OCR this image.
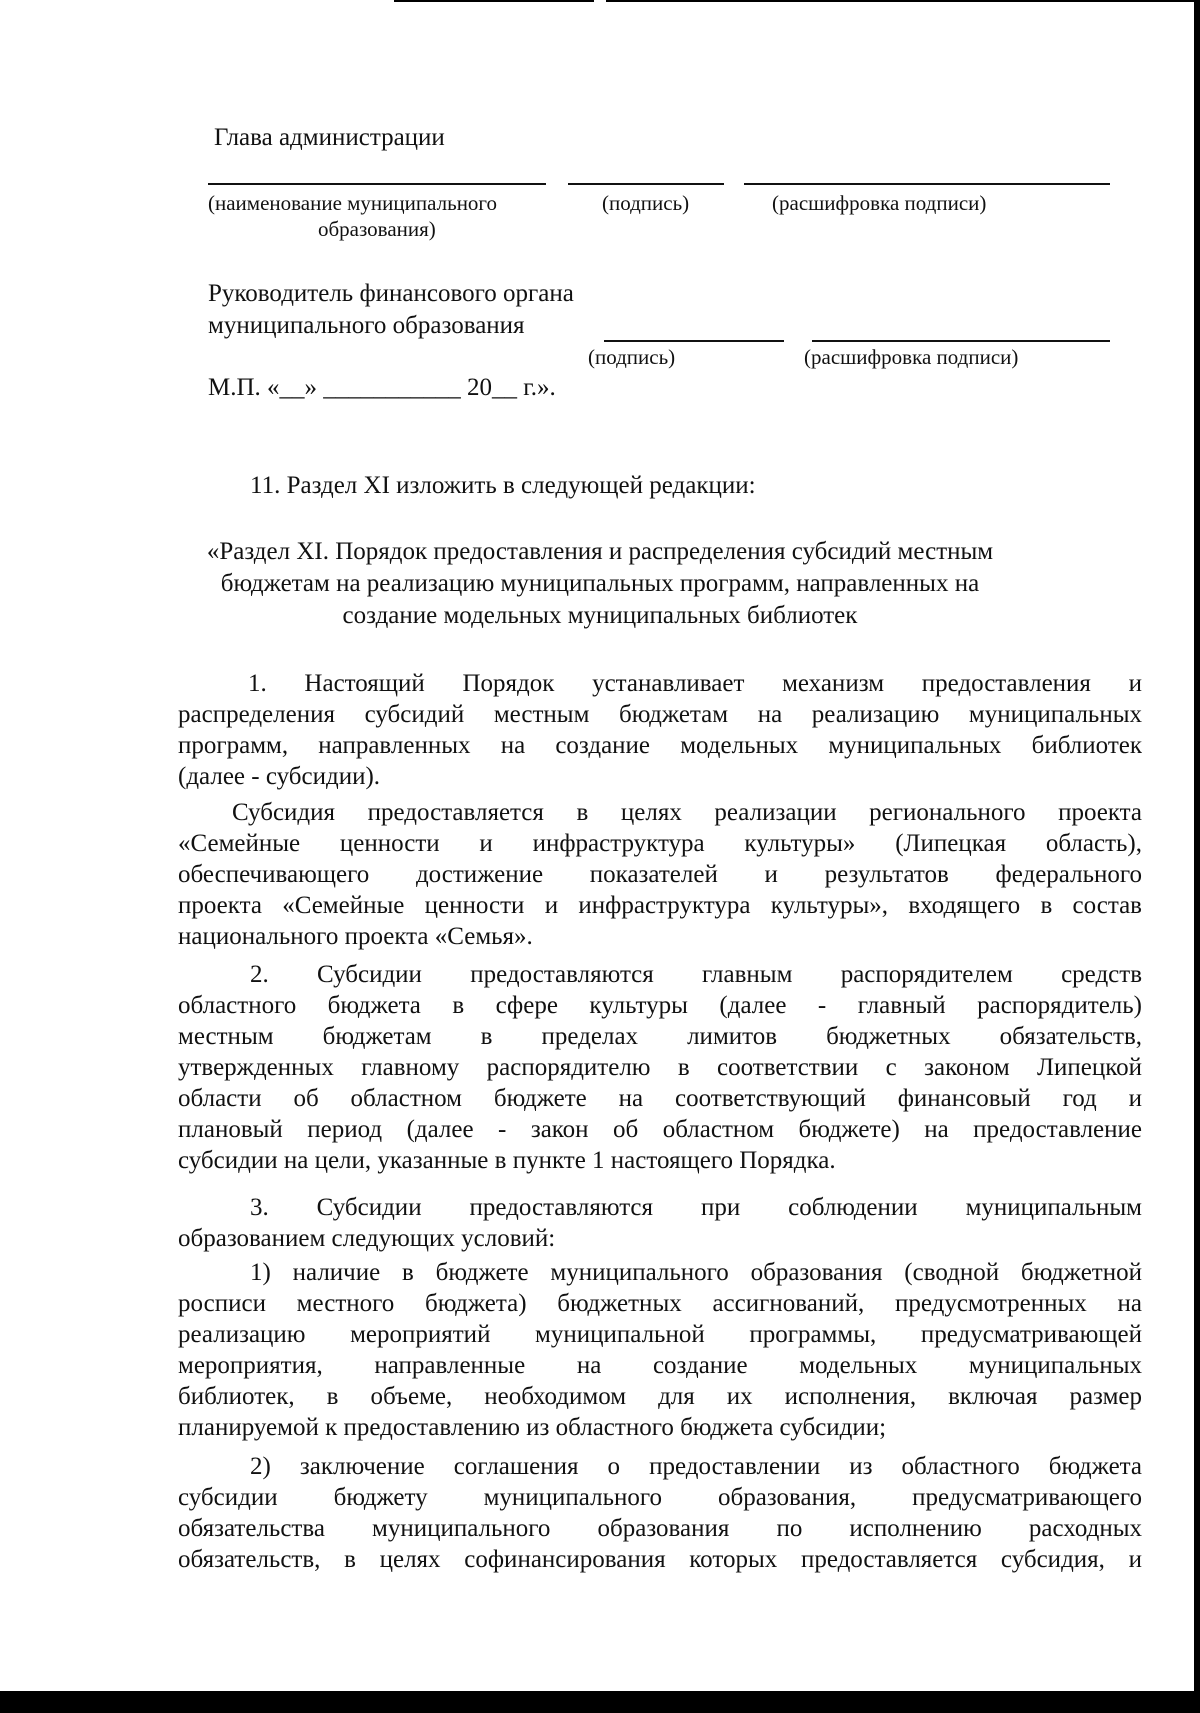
Глава администрации
(наименование муниципального
образования)
(подпись)	(расшифровка подписи)
Руководитель финансового органа
муниципального образования
(подпись)	(расшифровка подписи)
М.П. «__» ___________ 20__ г.».
11. Раздел XI изложить в следующей редакции:
«Раздел XI. Порядок предоставления и распределения субсидий местным
бюджетам на реализацию муниципальных программ, направленных на
создание модельных муниципальных библиотек
1. Настоящий Порядок устанавливает механизм предоставления и
распределения субсидий местным бюджетам на реализацию муниципальных
программ, направленных на создание модельных муниципальных библиотек
(далее - субсидии).
Субсидия предоставляется в целях реализации регионального проекта
«Семейные ценности и инфраструктура культуры» (Липецкая область),
обеспечивающего достижение показателей и результатов федерального
проекта «Семейные ценности и инфраструктура культуры», входящего в состав
национального проекта «Семья».
2. Субсидии предоставляются главным распорядителем средств
областного бюджета в сфере культуры (далее - главный распорядитель)
местным бюджетам в пределах лимитов бюджетных обязательств,
утвержденных главному распорядителю в соответствии с законом Липецкой
области об областном бюджете на соответствующий финансовый год и
плановый период (далее - закон об областном бюджете) на предоставление
субсидии на цели, указанные в пункте 1 настоящего Порядка.
3. Субсидии предоставляются при соблюдении муниципальным
образованием следующих условий:
1) наличие в бюджете муниципального образования (сводной бюджетной
росписи местного бюджета) бюджетных ассигнований, предусмотренных на
реализацию мероприятий муниципальной программы, предусматривающей
мероприятия, направленные на создание модельных муниципальных
библиотек, в объеме, необходимом для их исполнения, включая размер
планируемой к предоставлению из областного бюджета субсидии;
2) заключение соглашения о предоставлении из областного бюджета
субсидии бюджету муниципального образования, предусматривающего
обязательства муниципального образования по исполнению расходных
обязательств, в целях софинансирования которых предоставляется субсидия, и
